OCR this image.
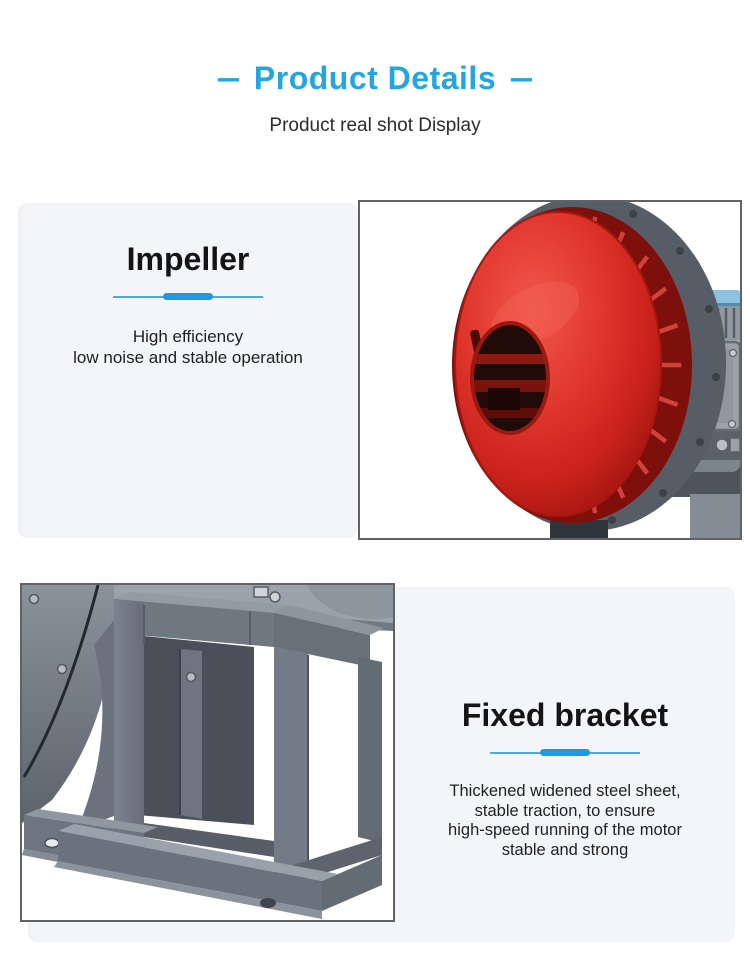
– Product Details –

Product real shot Display

Impeller
High efficiency
low noise and stable operation
Fixed bracket
Thickened widened steel sheet,
stable traction, to ensure
high-speed running of the motor
stable and strong
